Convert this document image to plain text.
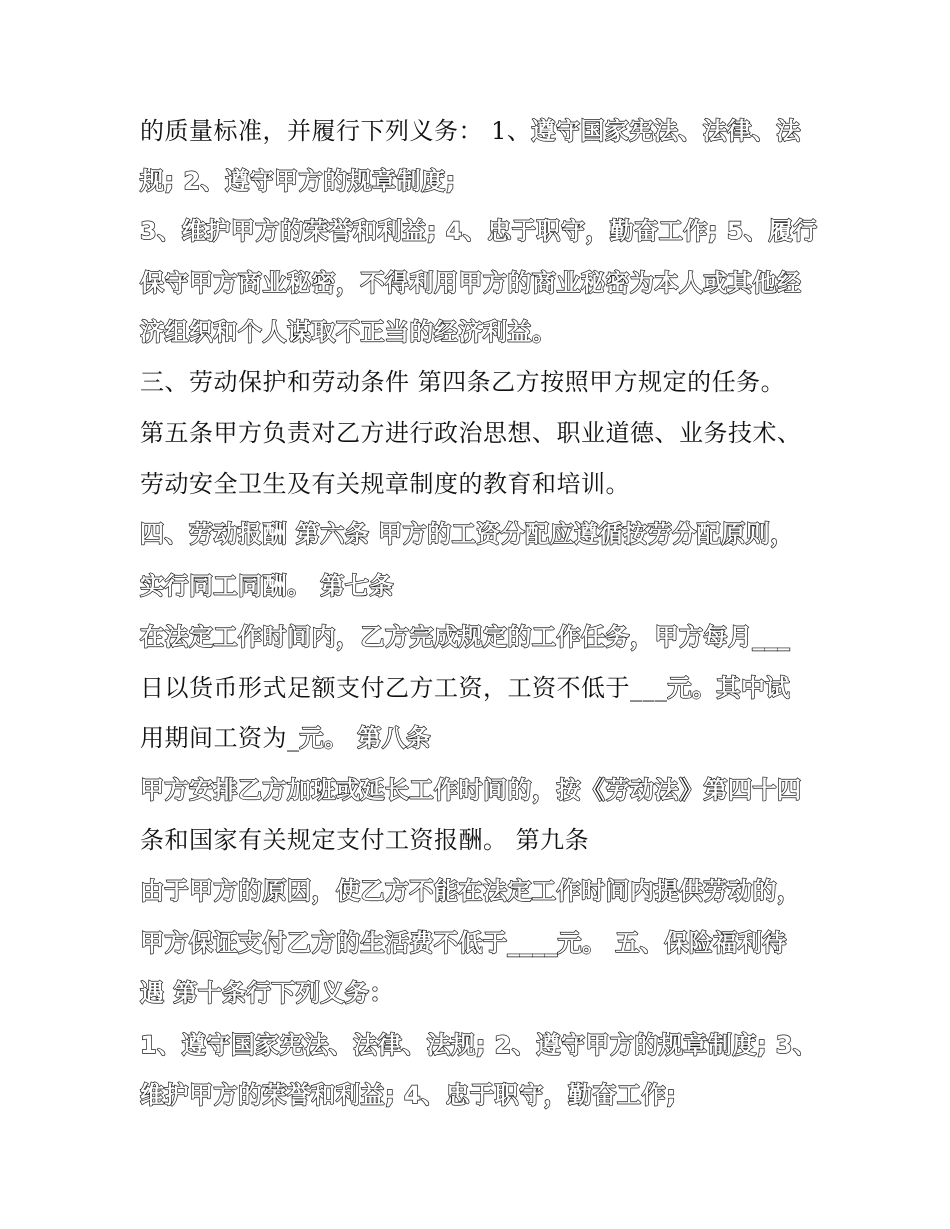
的质量标准，并履行下列义务： 1、遵守国家宪法、法律、法
规; 2、遵守甲方的规章制度;
3、维护甲方的荣誉和利益; 4、忠于职守，勤奋工作; 5、履行
保守甲方商业秘密，不得利用甲方的商业秘密为本人或其他经
济组织和个人谋取不正当的经济利益。
三、劳动保护和劳动条件 第四条乙方按照甲方规定的任务。
第五条甲方负责对乙方进行政治思想、职业道德、业务技术、
劳动安全卫生及有关规章制度的教育和培训。
四、劳动报酬 第六条 甲方的工资分配应遵循按劳分配原则，
实行同工同酬。 第七条
在法定工作时间内，乙方完成规定的工作任务，甲方每月___
日以货币形式足额支付乙方工资，工资不低于___元。其中试
用期间工资为_元。 第八条
甲方安排乙方加班或延长工作时间的，按《劳动法》第四十四
条和国家有关规定支付工资报酬。 第九条
由于甲方的原因，使乙方不能在法定工作时间内提供劳动的，
甲方保证支付乙方的生活费不低于____元。 五、保险福利待
遇 第十条行下列义务：
1、遵守国家宪法、法律、法规; 2、遵守甲方的规章制度; 3、
维护甲方的荣誉和利益; 4、忠于职守，勤奋工作;
